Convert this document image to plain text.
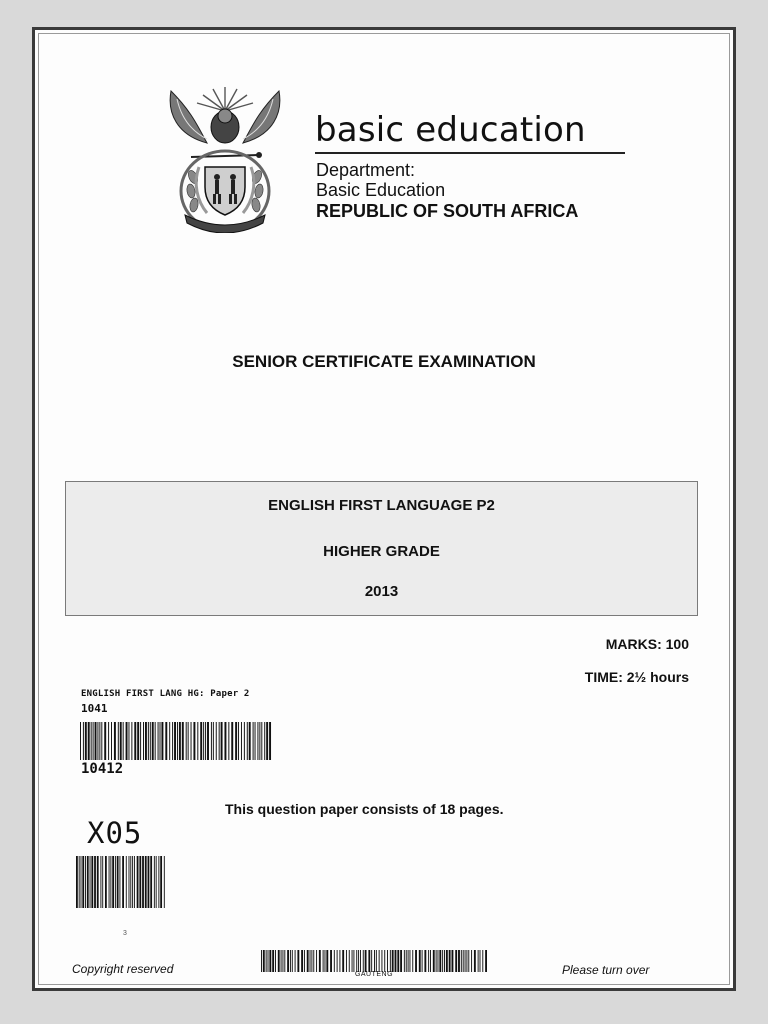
basic education
Department:
Basic Education
REPUBLIC OF SOUTH AFRICA
SENIOR CERTIFICATE EXAMINATION
ENGLISH FIRST LANGUAGE P2
HIGHER GRADE
2013
MARKS: 100
TIME: 2½ hours
ENGLISH FIRST LANG HG: Paper 2
1041
10412
This question paper consists of 18 pages.
X05
3
Copyright reserved	GAUTENG	Please turn over
